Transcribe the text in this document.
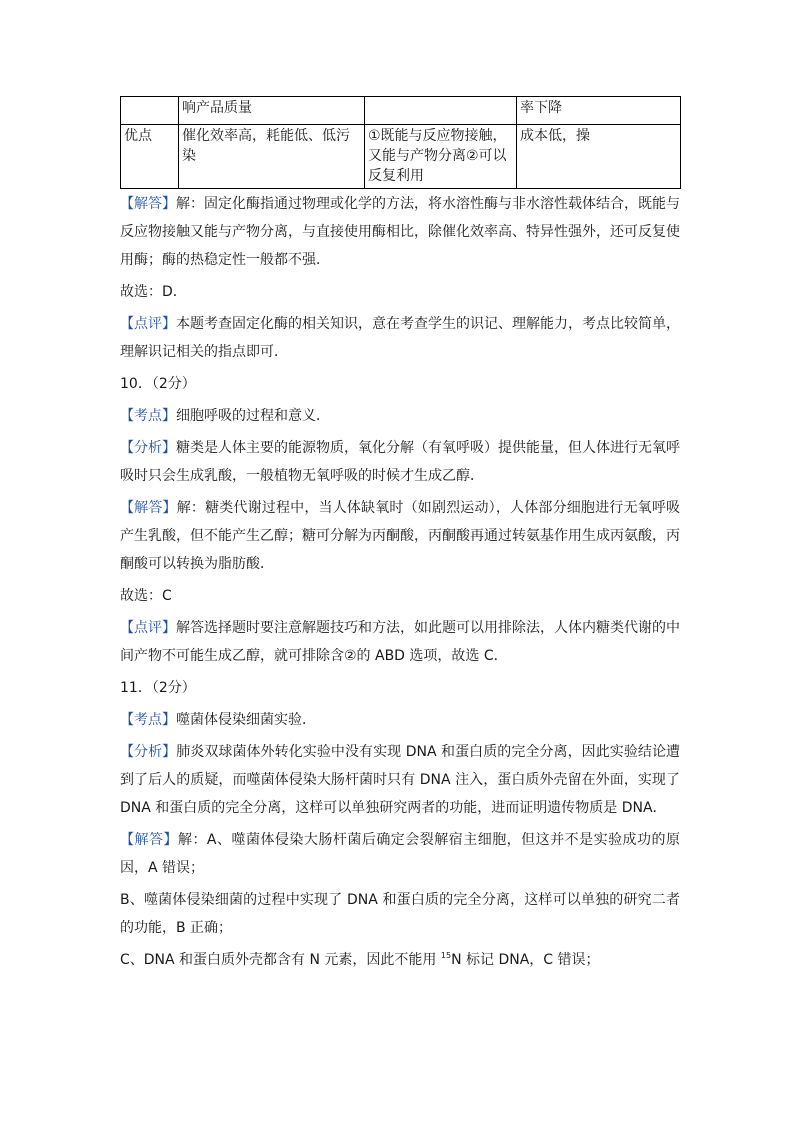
	响产品质量		率下降
优点	催化效率高，耗能低、低污染	①既能与反应物接触，又能与产物分离②可以反复利用	成本低，操

【解答】解：固定化酶指通过物理或化学的方法，将水溶性酶与非水溶性载体结合，既能与反应物接触又能与产物分离，与直接使用酶相比，除催化效率高、特异性强外，还可反复使用酶；酶的热稳定性一般都不强．

故选：D．

【点评】本题考查固定化酶的相关知识，意在考查学生的识记、理解能力，考点比较简单，理解识记相关的指点即可．

10．（2分）

【考点】细胞呼吸的过程和意义．

【分析】糖类是人体主要的能源物质，氧化分解（有氧呼吸）提供能量，但人体进行无氧呼吸时只会生成乳酸，一般植物无氧呼吸的时候才生成乙醇．

【解答】解：糖类代谢过程中，当人体缺氧时（如剧烈运动），人体部分细胞进行无氧呼吸产生乳酸，但不能产生乙醇；糖可分解为丙酮酸，丙酮酸再通过转氨基作用生成丙氨酸，丙酮酸可以转换为脂肪酸．

故选：C

【点评】解答选择题时要注意解题技巧和方法，如此题可以用排除法，人体内糖类代谢的中间产物不可能生成乙醇，就可排除含②的 ABD 选项，故选 C．

11．（2分）

【考点】噬菌体侵染细菌实验．

【分析】肺炎双球菌体外转化实验中没有实现 DNA 和蛋白质的完全分离，因此实验结论遭到了后人的质疑，而噬菌体侵染大肠杆菌时只有 DNA 注入，蛋白质外壳留在外面，实现了 DNA 和蛋白质的完全分离，这样可以单独研究两者的功能，进而证明遗传物质是 DNA．

【解答】解：A、噬菌体侵染大肠杆菌后确定会裂解宿主细胞，但这并不是实验成功的原因，A 错误；

B、噬菌体侵染细菌的过程中实现了 DNA 和蛋白质的完全分离，这样可以单独的研究二者的功能，B 正确；

C、DNA 和蛋白质外壳都含有 N 元素，因此不能用 $^{15}$N 标记 DNA，C 错误；
